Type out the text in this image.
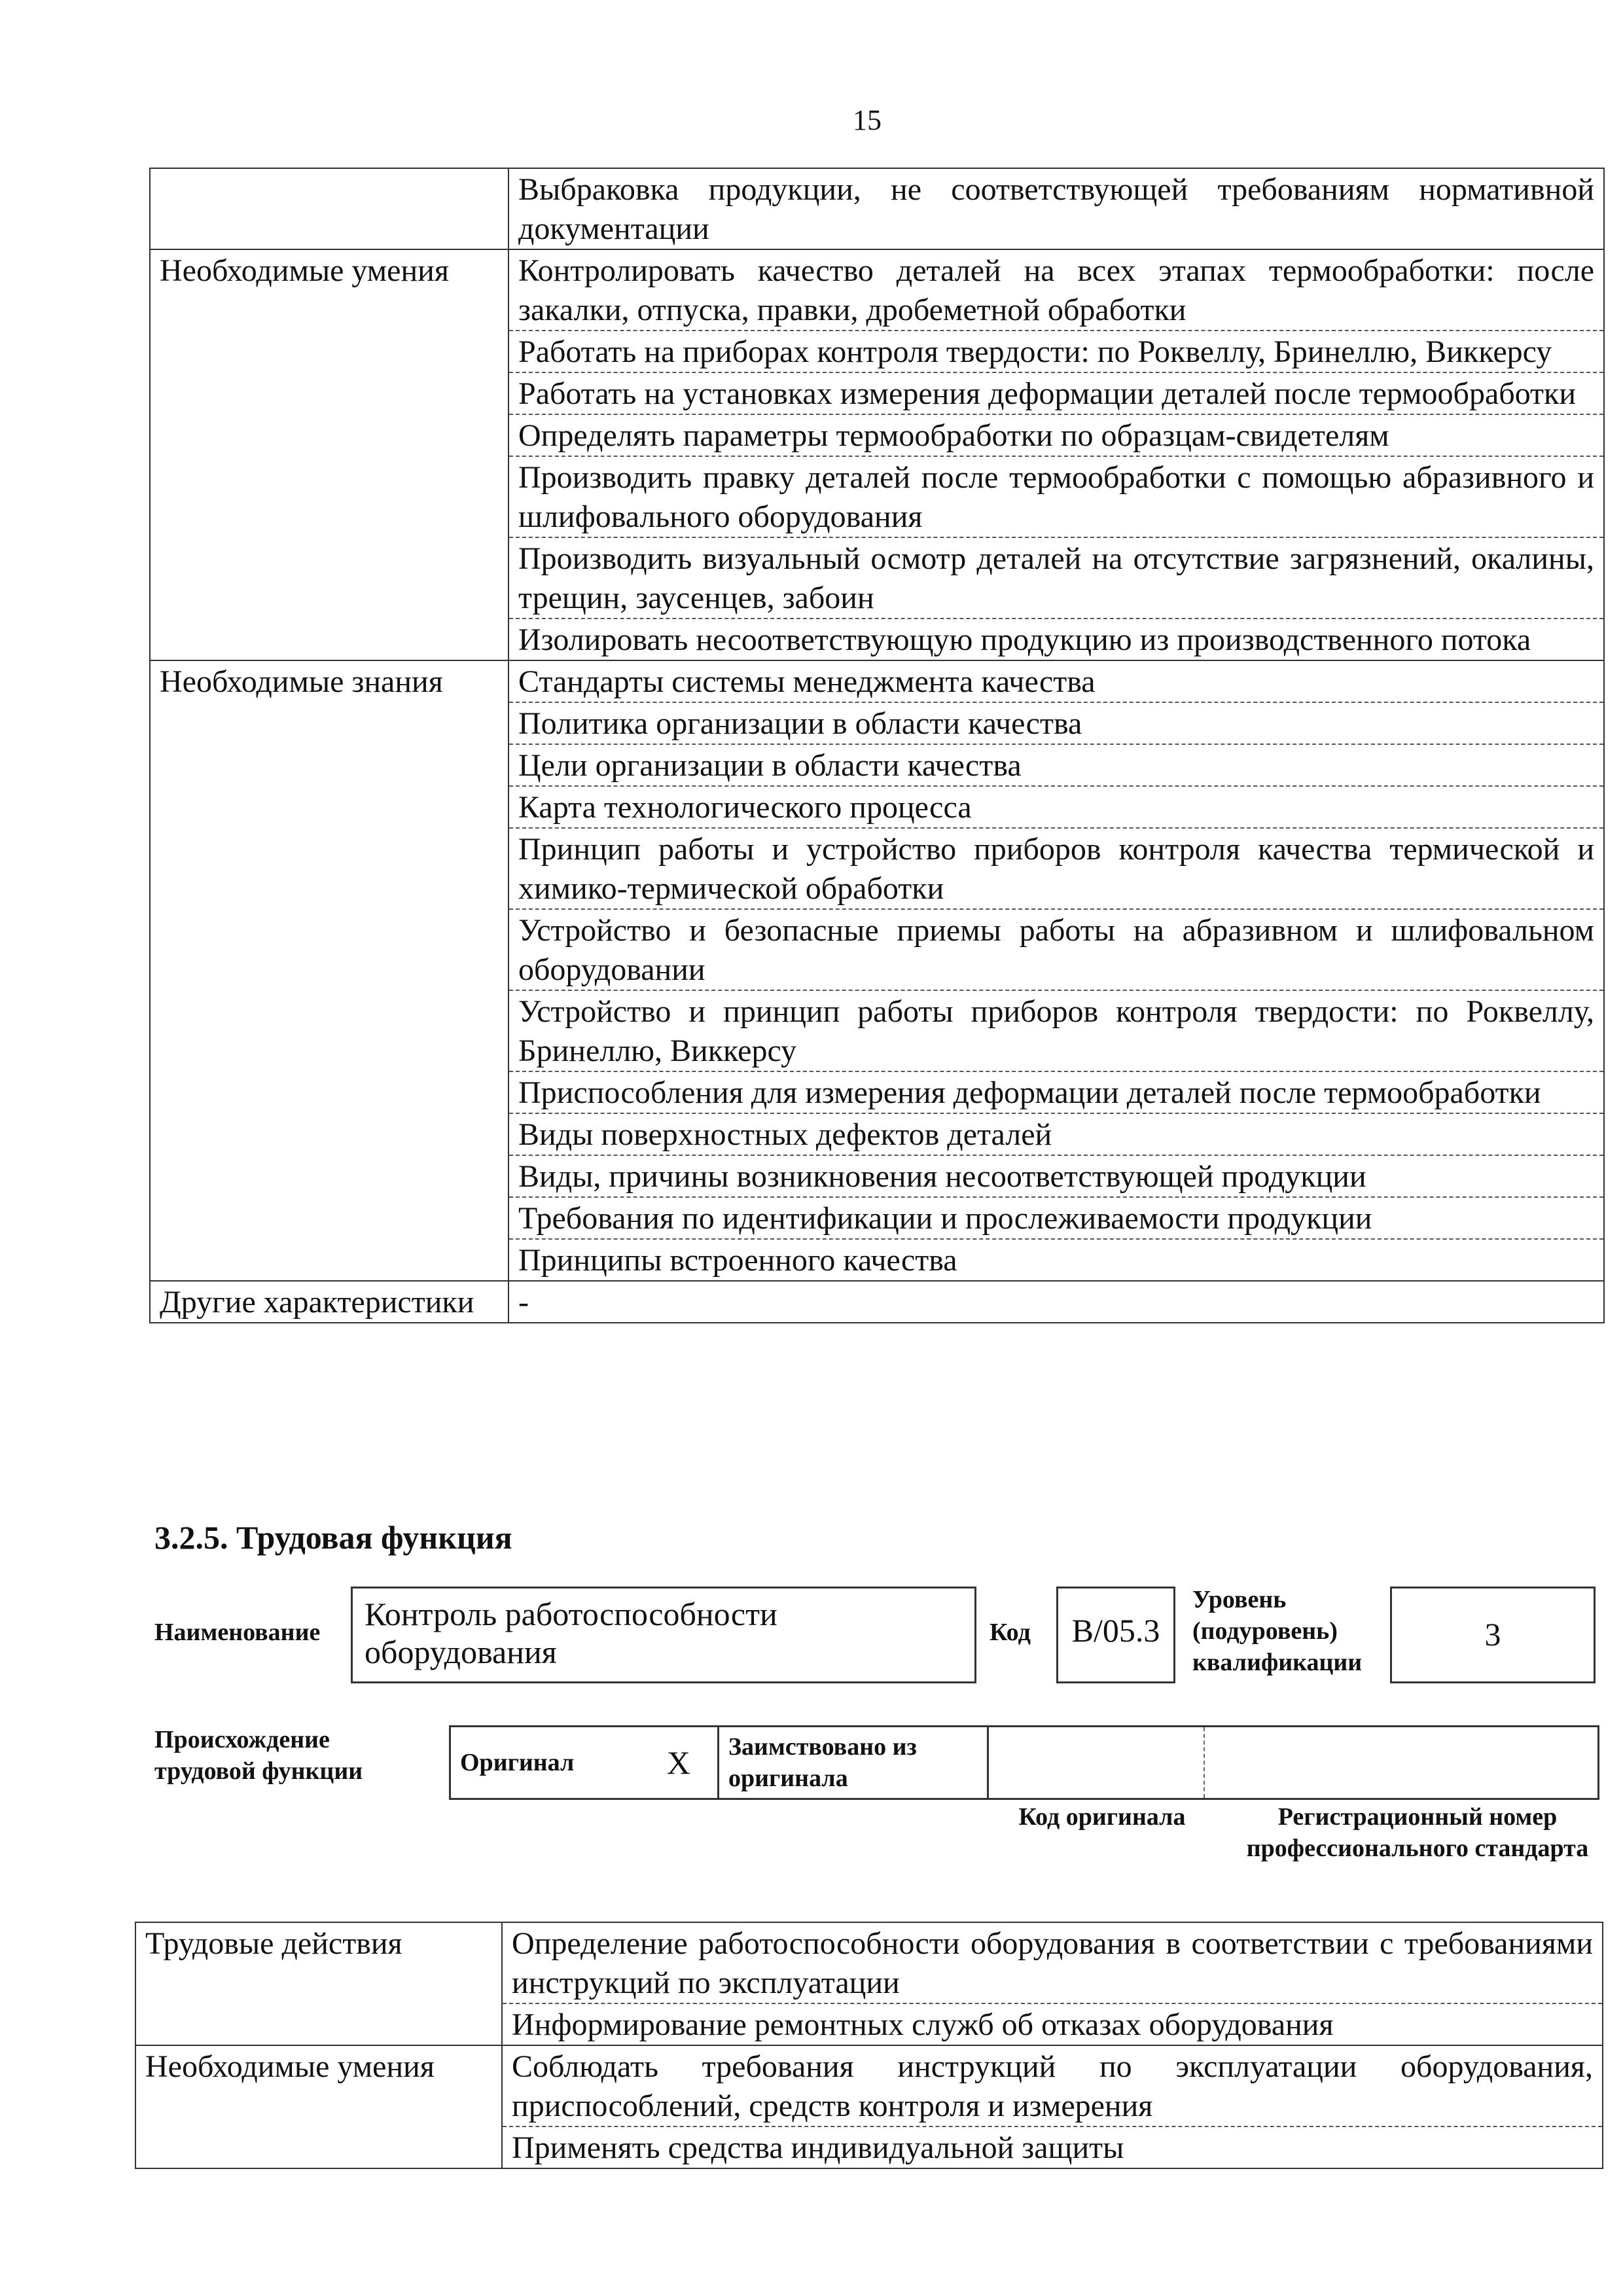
15
	Выбраковка продукции, не соответствующей требованиям нормативной документации
Необходимые умения	Контролировать качество деталей на всех этапах термообработки: после закалки, отпуска, правки, дробеметной обработки
	Работать на приборах контроля твердости: по Роквеллу, Бринеллю, Виккерсу
	Работать на установках измерения деформации деталей после термообработки
	Определять параметры термообработки по образцам-свидетелям
	Производить правку деталей после термообработки с помощью абразивного и шлифовального оборудования
	Производить визуальный осмотр деталей на отсутствие загрязнений, окалины, трещин, заусенцев, забоин
	Изолировать несоответствующую продукцию из производственного потока
Необходимые знания	Стандарты системы менеджмента качества
	Политика организации в области качества
	Цели организации в области качества
	Карта технологического процесса
	Принцип работы и устройство приборов контроля качества термической и химико-термической обработки
	Устройство и безопасные приемы работы на абразивном и шлифовальном оборудовании
	Устройство и принцип работы приборов контроля твердости: по Роквеллу, Бринеллю, Виккерсу
	Приспособления для измерения деформации деталей после термообработки
	Виды поверхностных дефектов деталей
	Виды, причины возникновения несоответствующей продукции
	Требования по идентификации и прослеживаемости продукции
	Принципы встроенного качества
Другие характеристики	-
3.2.5. Трудовая функция
Наименование	Контроль работоспособности оборудования
Код	B/05.3
Уровень (подуровень) квалификации
3
Происхождение трудовой функции	Оригинал	X	Заимствовано из оригинала		
Код оригинала	Регистрационный номер профессионального стандарта
Трудовые действия	Определение работоспособности оборудования в соответствии с требованиями инструкций по эксплуатации
	Информирование ремонтных служб об отказах оборудования
Необходимые умения	Соблюдать требования инструкций по эксплуатации оборудования, приспособлений, средств контроля и измерения
	Применять средства индивидуальной защиты
